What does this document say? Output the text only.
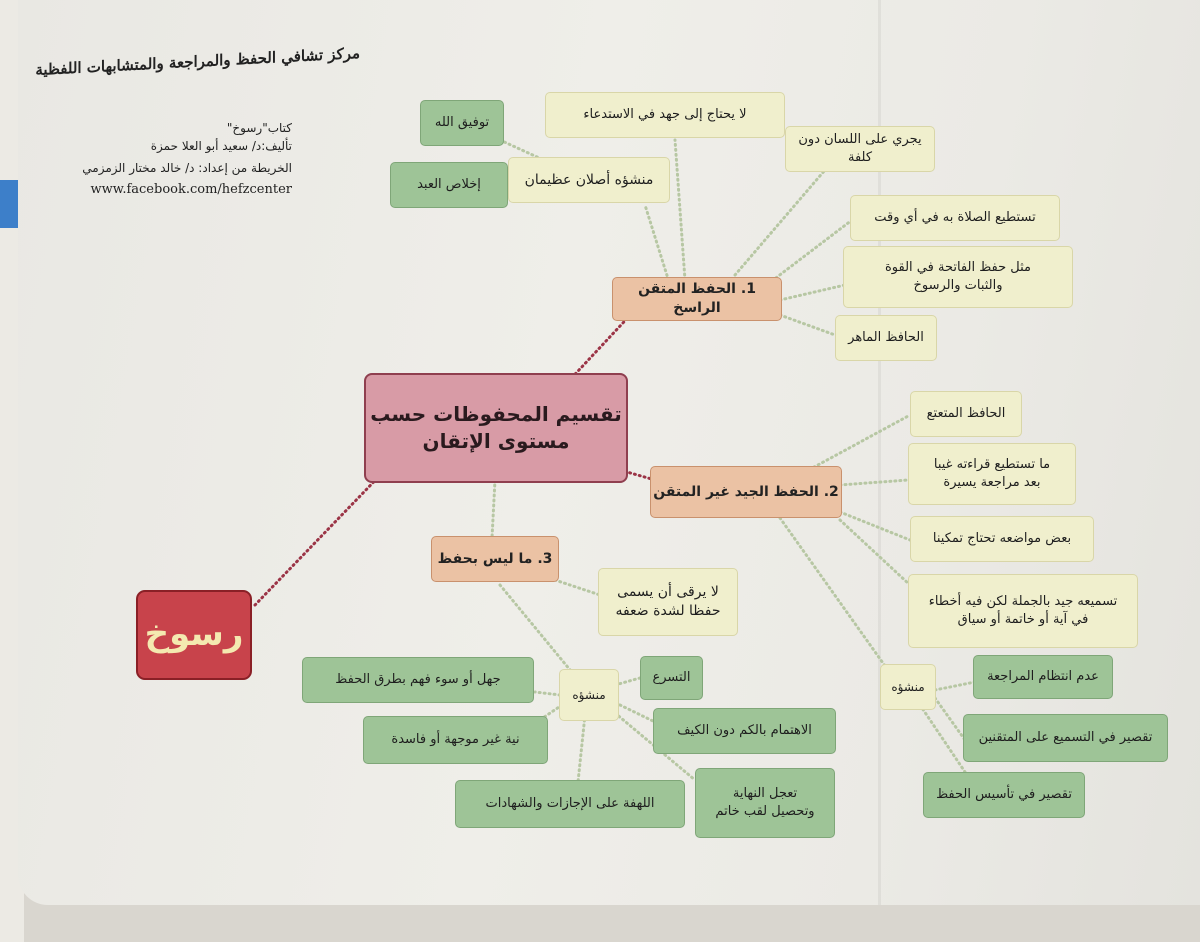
مركز تشافي الحفظ والمراجعة والمتشابهات اللفظية
كتاب"رسوخ"
تأليف:د/ سعيد أبو العلا حمزة
الخريطة من إعداد: د/ خالد مختار الزمزمي
www.facebook.com/hefzcenter
رسوخ
تقسيم المحفوظات حسب
مستوى الإتقان
1. الحفظ المتقن الراسخ
منشؤه أصلان عظيمان
توفيق الله
إخلاص العبد
لا يحتاج إلى جهد في الاستدعاء
يجري على اللسان دون كلفة
تستطيع الصلاة به في أي وقت
مثل حفظ الفاتحة في القوة
والثبات والرسوخ
الحافظ الماهر
2. الحفظ الجيد غير المتقن
الحافظ المتعتع
ما تستطيع قراءته غيبا
بعد مراجعة يسيرة
بعض مواضعه تحتاج تمكينا
تسميعه جيد بالجملة لكن فيه أخطاء
في آية أو خاتمة أو سياق
منشؤه
عدم انتظام المراجعة
تقصير في التسميع على المتقنين
تقصير في تأسيس الحفظ
3. ما ليس بحفظ
لا يرقى أن يسمى
حفظا لشدة ضعفه
منشؤه
التسرع
جهل أو سوء فهم بطرق الحفظ
الاهتمام بالكم دون الكيف
نية غير موجهة أو فاسدة
تعجل النهاية
وتحصيل لقب خاتم
اللهفة على الإجازات والشهادات
